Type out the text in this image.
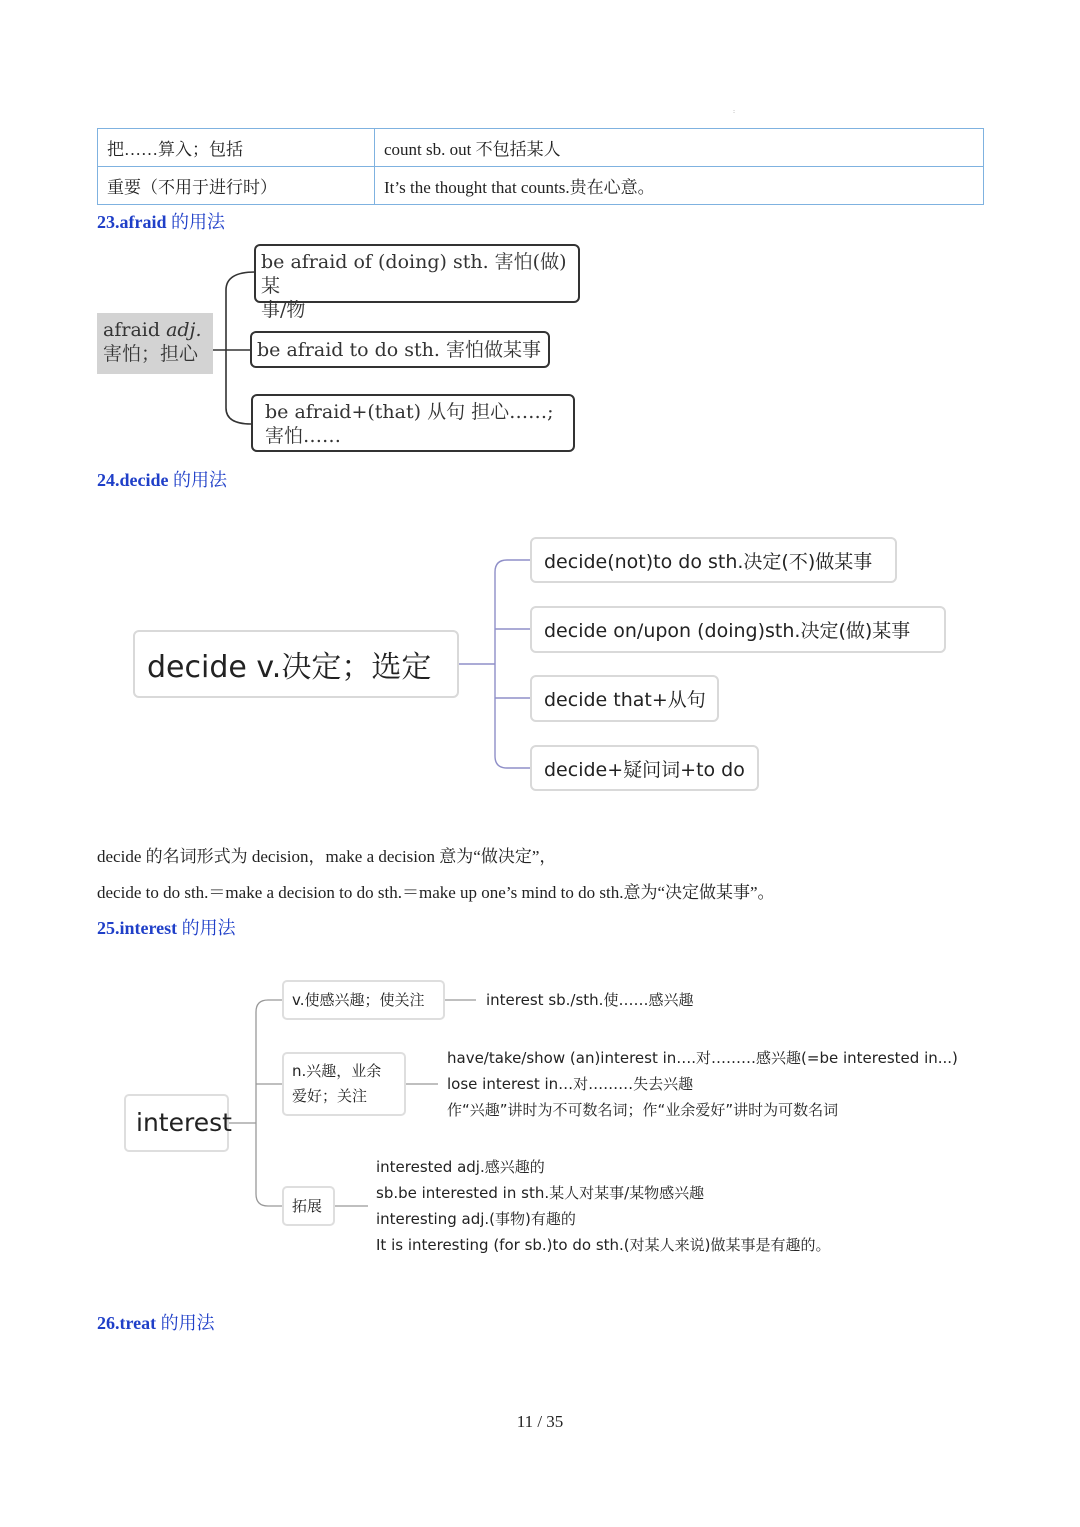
:
把……算入；包括	count sb. out 不包括某人
重要（不用于进行时）	It’s the thought that counts.贵在心意。
23.afraid 的用法
afraid adj.
害怕；担心
be afraid of (doing) sth. 害怕(做)某
事/物
be afraid to do sth. 害怕做某事
be afraid+(that) 从句 担心……;
害怕……
24.decide 的用法
decide v.决定；选定
decide(not)to do sth.决定(不)做某事
decide on/upon (doing)sth.决定(做)某事
decide that+从句
decide+疑问词+to do
decide 的名词形式为 decision，make a decision 意为“做决定”，
decide to do sth.＝make a decision to do sth.＝make up one’s mind to do sth.意为“决定做某事”。
25.interest 的用法
interest
v.使感兴趣；使关注	interest sb./sth.使……感兴趣
n.兴趣，业余
爱好；关注
have/take/show (an)interest in….对………感兴趣(=be interested in...)
lose interest in…对………失去兴趣
作“兴趣”讲时为不可数名词；作“业余爱好”讲时为可数名词
拓展
interested adj.感兴趣的
sb.be interested in sth.某人对某事/某物感兴趣
interesting adj.(事物)有趣的
It is interesting (for sb.)to do sth.(对某人来说)做某事是有趣的。
26.treat 的用法
11 / 35
